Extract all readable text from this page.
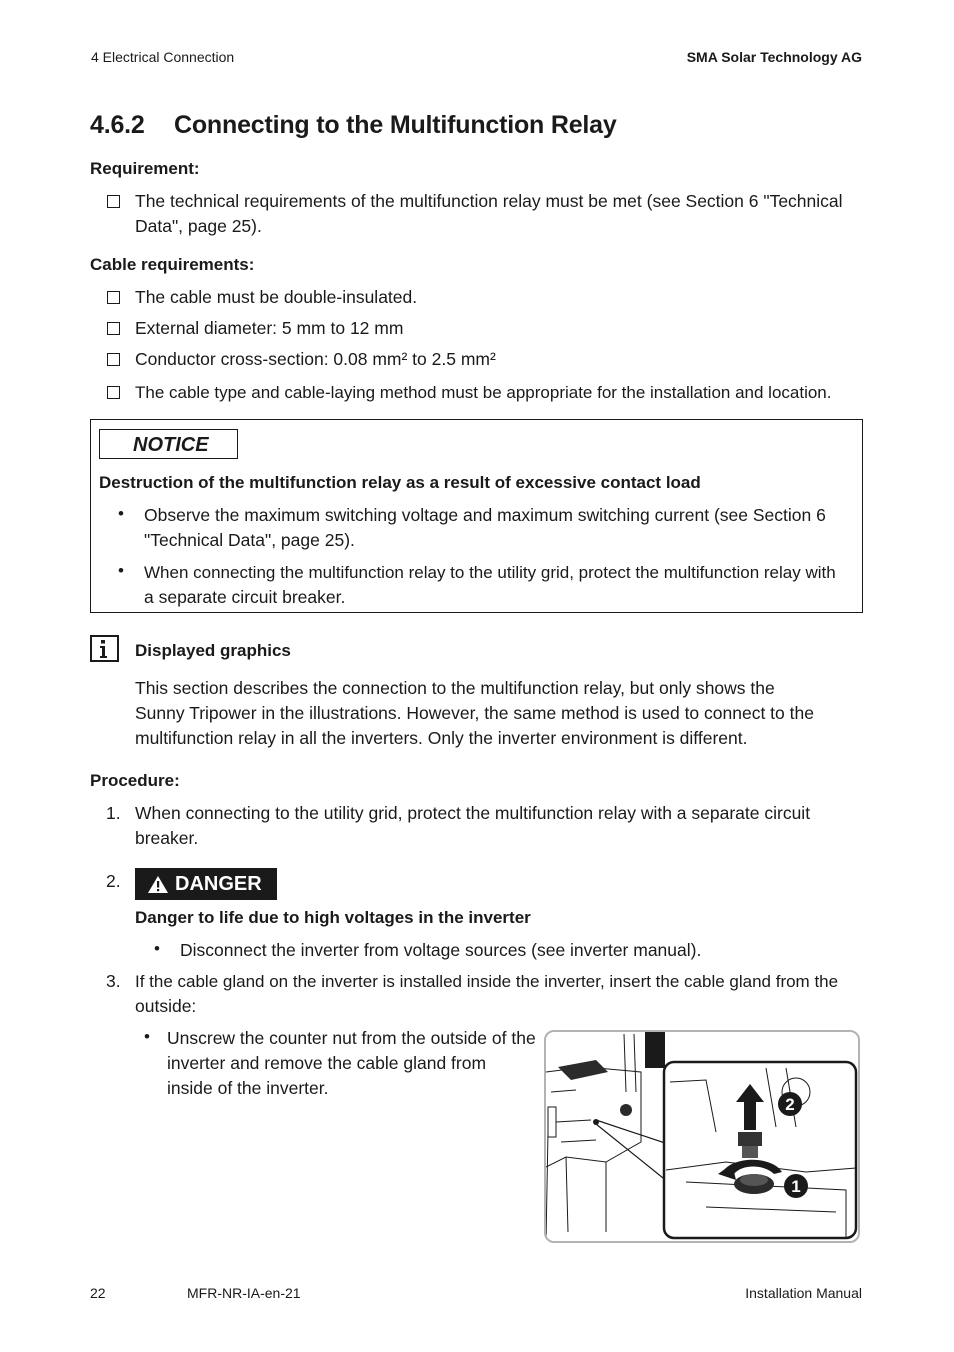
4 Electrical Connection	SMA Solar Technology AG
4.6.2 Connecting to the Multifunction Relay
Requirement:
The technical requirements of the multifunction relay must be met (see Section 6 "Technical
Data", page 25).
Cable requirements:
The cable must be double-insulated.
External diameter: 5 mm to 12 mm
Conductor cross-section: 0.08 mm² to 2.5 mm²
The cable type and cable-laying method must be appropriate for the installation and location.
NOTICE
Destruction of the multifunction relay as a result of excessive contact load
• Observe the maximum switching voltage and maximum switching current (see Section 6
"Technical Data", page 25).
• When connecting the multifunction relay to the utility grid, protect the multifunction relay with
a separate circuit breaker.
Displayed graphics
This section describes the connection to the multifunction relay, but only shows the
Sunny Tripower in the illustrations. However, the same method is used to connect to the
multifunction relay in all the inverters. Only the inverter environment is different.
Procedure:
1. When connecting to the utility grid, protect the multifunction relay with a separate circuit
breaker.
2.	DANGER
Danger to life due to high voltages in the inverter
• Disconnect the inverter from voltage sources (see inverter manual).
3. If the cable gland on the inverter is installed inside the inverter, insert the cable gland from the
outside:
• Unscrew the counter nut from the outside of the
inverter and remove the cable gland from
inside of the inverter.
2
1
22	MFR-NR-IA-en-21	Installation Manual
